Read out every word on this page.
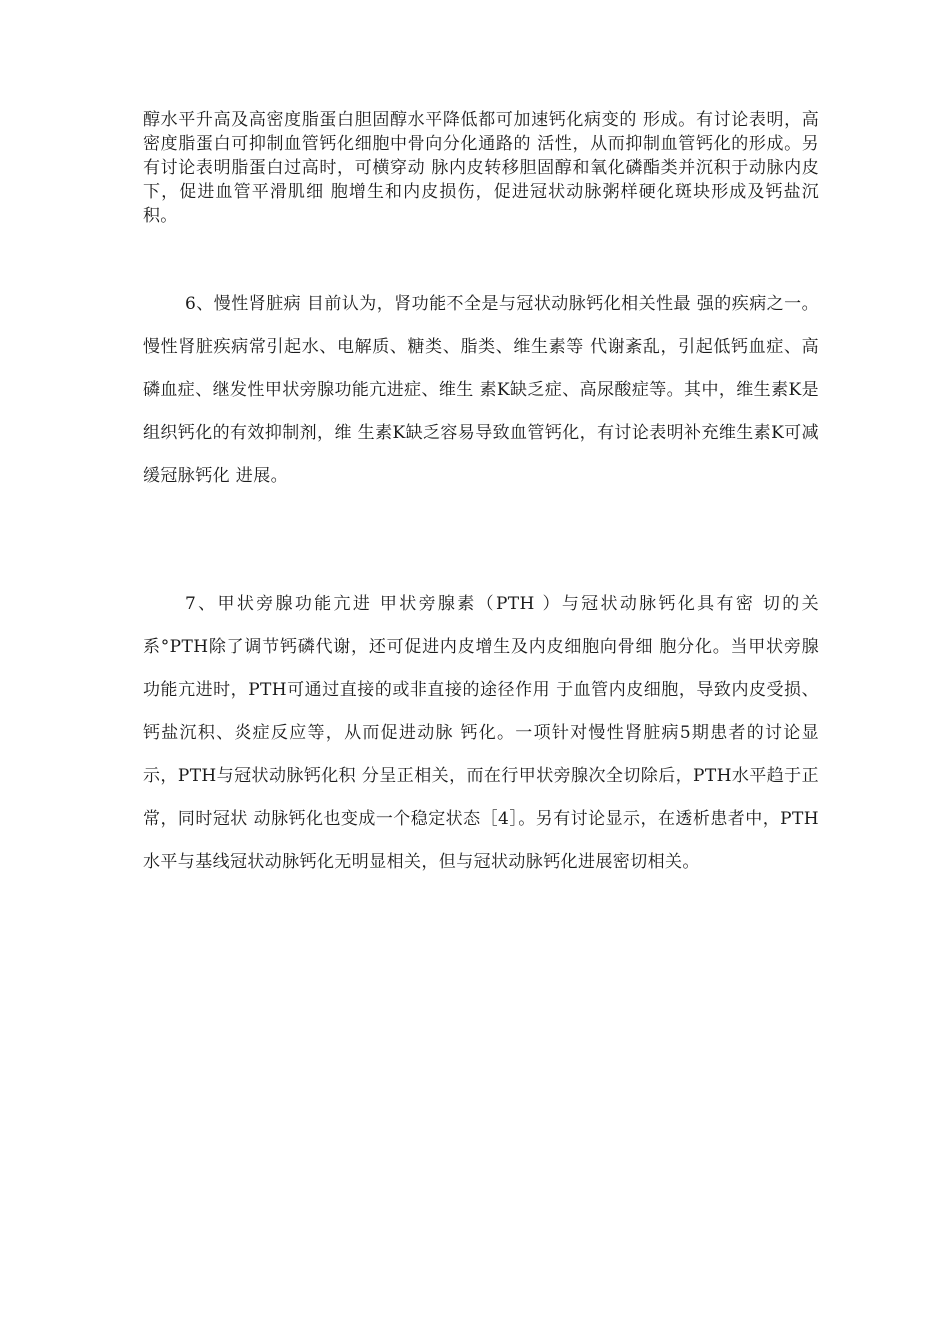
醇水平升高及高密度脂蛋白胆固醇水平降低都可加速钙化病变的 形成。有讨论表明，高密度脂蛋白可抑制血管钙化细胞中骨向分化通路的 活性，从而抑制血管钙化的形成。另有讨论表明脂蛋白过高时，可横穿动 脉内皮转移胆固醇和氧化磷酯类并沉积于动脉内皮下，促进血管平滑肌细 胞增生和内皮损伤，促进冠状动脉粥样硬化斑块形成及钙盐沉积。

6、慢性肾脏病 目前认为，肾功能不全是与冠状动脉钙化相关性最 强的疾病之一。慢性肾脏疾病常引起水、电解质、糖类、脂类、维生素等 代谢紊乱，引起低钙血症、高磷血症、继发性甲状旁腺功能亢进症、维生 素K缺乏症、高尿酸症等。其中，维生素K是组织钙化的有效抑制剂，维 生素K缺乏容易导致血管钙化，有讨论表明补充维生素K可减缓冠脉钙化 进展。

7、甲状旁腺功能亢进 甲状旁腺素（PTH ）与冠状动脉钙化具有密 切的关系°PTH除了调节钙磷代谢，还可促进内皮增生及内皮细胞向骨细 胞分化。当甲状旁腺功能亢进时，PTH可通过直接的或非直接的途径作用 于血管内皮细胞，导致内皮受损、钙盐沉积、炎症反应等，从而促进动脉 钙化。一项针对慢性肾脏病5期患者的讨论显示，PTH与冠状动脉钙化积 分呈正相关，而在行甲状旁腺次全切除后，PTH水平趋于正常，同时冠状 动脉钙化也变成一个稳定状态［4］。另有讨论显示，在透析患者中，PTH 水平与基线冠状动脉钙化无明显相关，但与冠状动脉钙化进展密切相关。
